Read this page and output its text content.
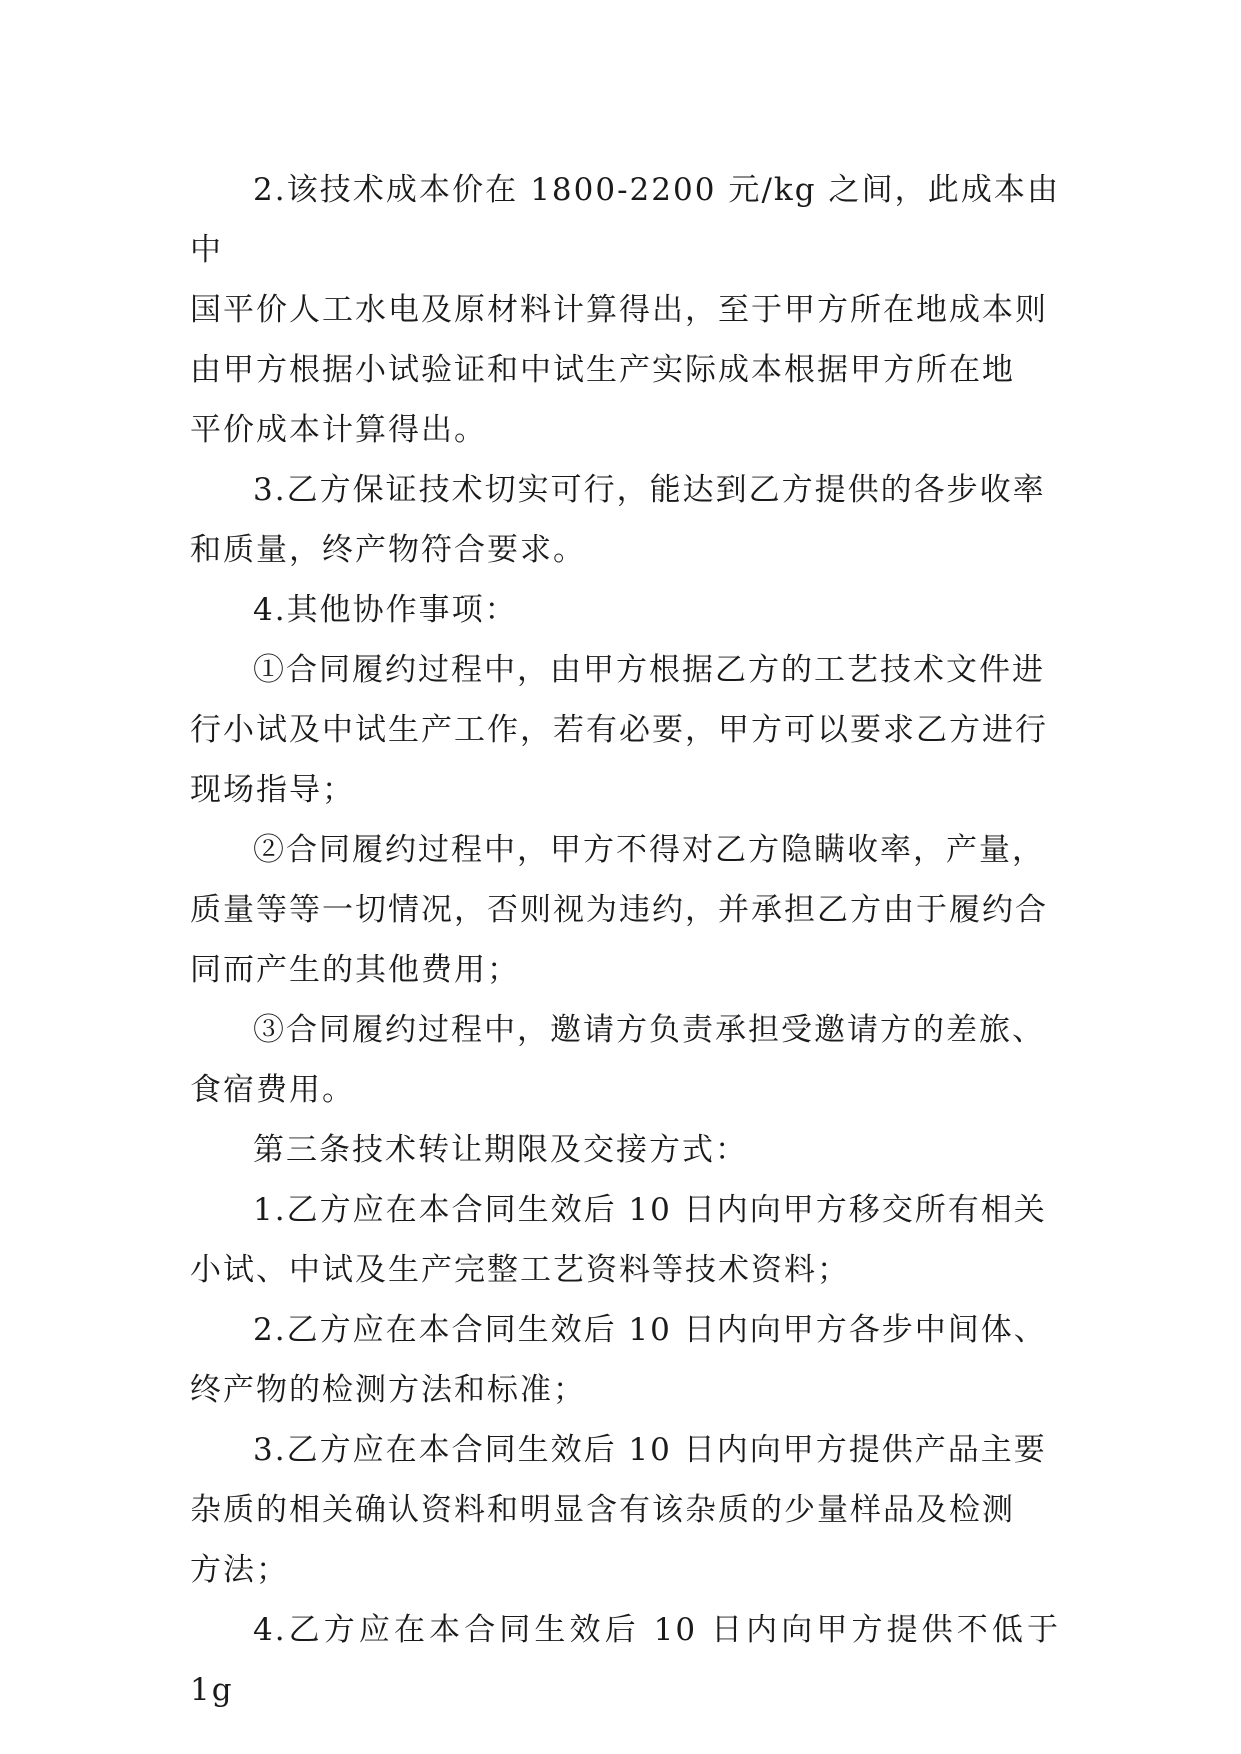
2.该技术成本价在 1800-2200 元/kg 之间，此成本由中
国平价人工水电及原材料计算得出，至于甲方所在地成本则
由甲方根据小试验证和中试生产实际成本根据甲方所在地
平价成本计算得出。

3.乙方保证技术切实可行，能达到乙方提供的各步收率
和质量，终产物符合要求。

4.其他协作事项：

①合同履约过程中，由甲方根据乙方的工艺技术文件进
行小试及中试生产工作，若有必要，甲方可以要求乙方进行
现场指导；

②合同履约过程中，甲方不得对乙方隐瞒收率，产量，
质量等等一切情况，否则视为违约，并承担乙方由于履约合
同而产生的其他费用；

③合同履约过程中，邀请方负责承担受邀请方的差旅、
食宿费用。

第三条技术转让期限及交接方式：

1.乙方应在本合同生效后 10 日内向甲方移交所有相关
小试、中试及生产完整工艺资料等技术资料；

2.乙方应在本合同生效后 10 日内向甲方各步中间体、
终产物的检测方法和标准；

3.乙方应在本合同生效后 10 日内向甲方提供产品主要
杂质的相关确认资料和明显含有该杂质的少量样品及检测
方法；

4.乙方应在本合同生效后 10 日内向甲方提供不低于 1g
